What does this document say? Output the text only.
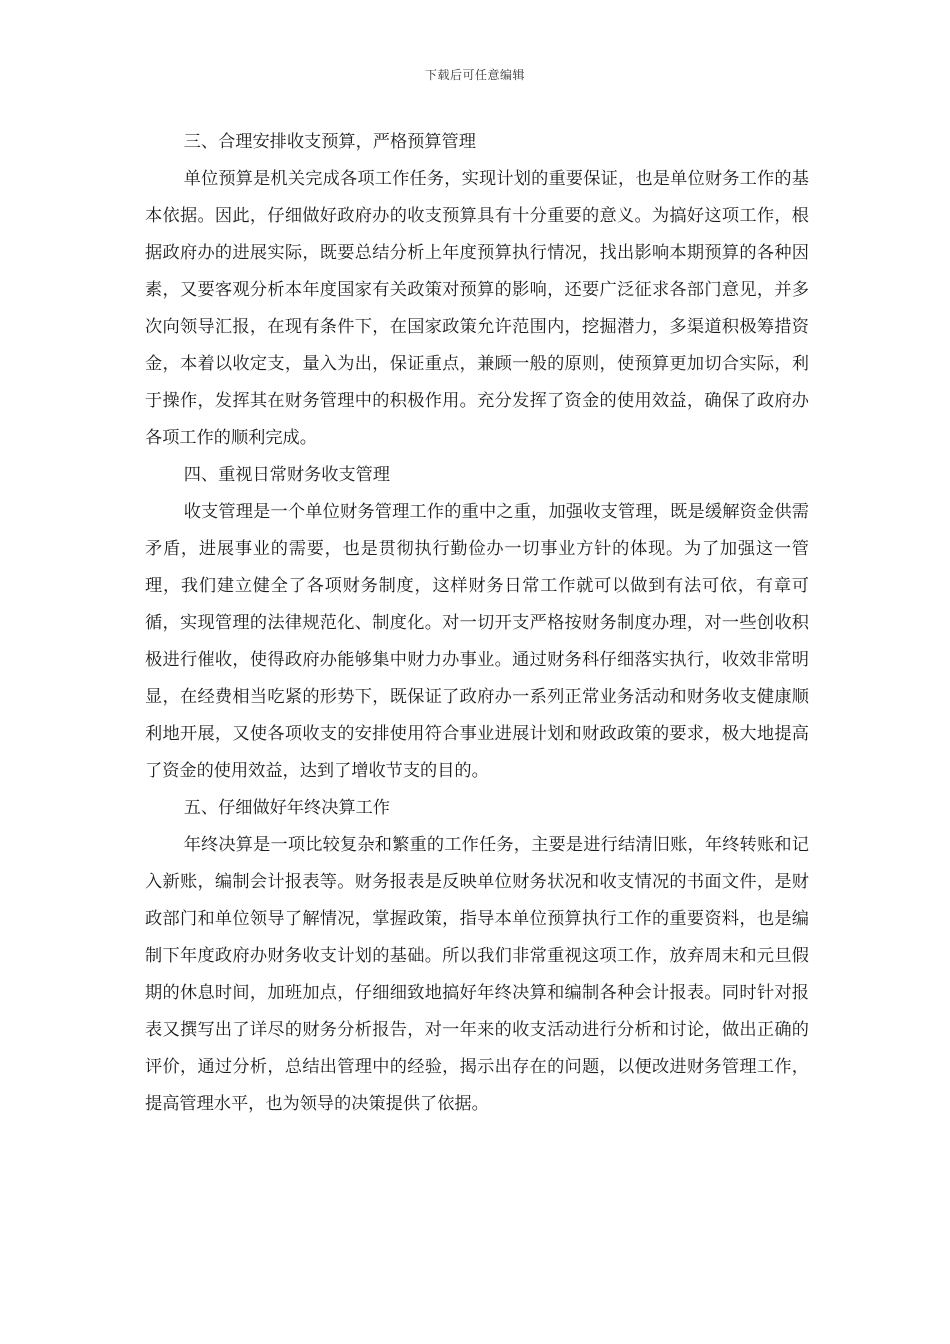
下载后可任意编辑

三、合理安排收支预算，严格预算管理

单位预算是机关完成各项工作任务，实现计划的重要保证，也是单位财务工作的基本依据。因此，仔细做好政府办的收支预算具有十分重要的意义。为搞好这项工作，根据政府办的进展实际，既要总结分析上年度预算执行情况，找出影响本期预算的各种因素，又要客观分析本年度国家有关政策对预算的影响，还要广泛征求各部门意见，并多次向领导汇报，在现有条件下，在国家政策允许范围内，挖掘潜力，多渠道积极筹措资金，本着以收定支，量入为出，保证重点，兼顾一般的原则，使预算更加切合实际，利于操作，发挥其在财务管理中的积极作用。充分发挥了资金的使用效益，确保了政府办各项工作的顺利完成。

四、重视日常财务收支管理

收支管理是一个单位财务管理工作的重中之重，加强收支管理，既是缓解资金供需矛盾，进展事业的需要，也是贯彻执行勤俭办一切事业方针的体现。为了加强这一管理，我们建立健全了各项财务制度，这样财务日常工作就可以做到有法可依，有章可循，实现管理的法律规范化、制度化。对一切开支严格按财务制度办理，对一些创收积极进行催收，使得政府办能够集中财力办事业。通过财务科仔细落实执行，收效非常明显，在经费相当吃紧的形势下，既保证了政府办一系列正常业务活动和财务收支健康顺利地开展，又使各项收支的安排使用符合事业进展计划和财政政策的要求，极大地提高了资金的使用效益，达到了增收节支的目的。

五、仔细做好年终决算工作

年终决算是一项比较复杂和繁重的工作任务，主要是进行结清旧账，年终转账和记入新账，编制会计报表等。财务报表是反映单位财务状况和收支情况的书面文件，是财政部门和单位领导了解情况，掌握政策，指导本单位预算执行工作的重要资料，也是编制下年度政府办财务收支计划的基础。所以我们非常重视这项工作，放弃周末和元旦假期的休息时间，加班加点，仔细细致地搞好年终决算和编制各种会计报表。同时针对报表又撰写出了详尽的财务分析报告，对一年来的收支活动进行分析和讨论，做出正确的评价，通过分析，总结出管理中的经验，揭示出存在的问题，以便改进财务管理工作，提高管理水平，也为领导的决策提供了依据。
